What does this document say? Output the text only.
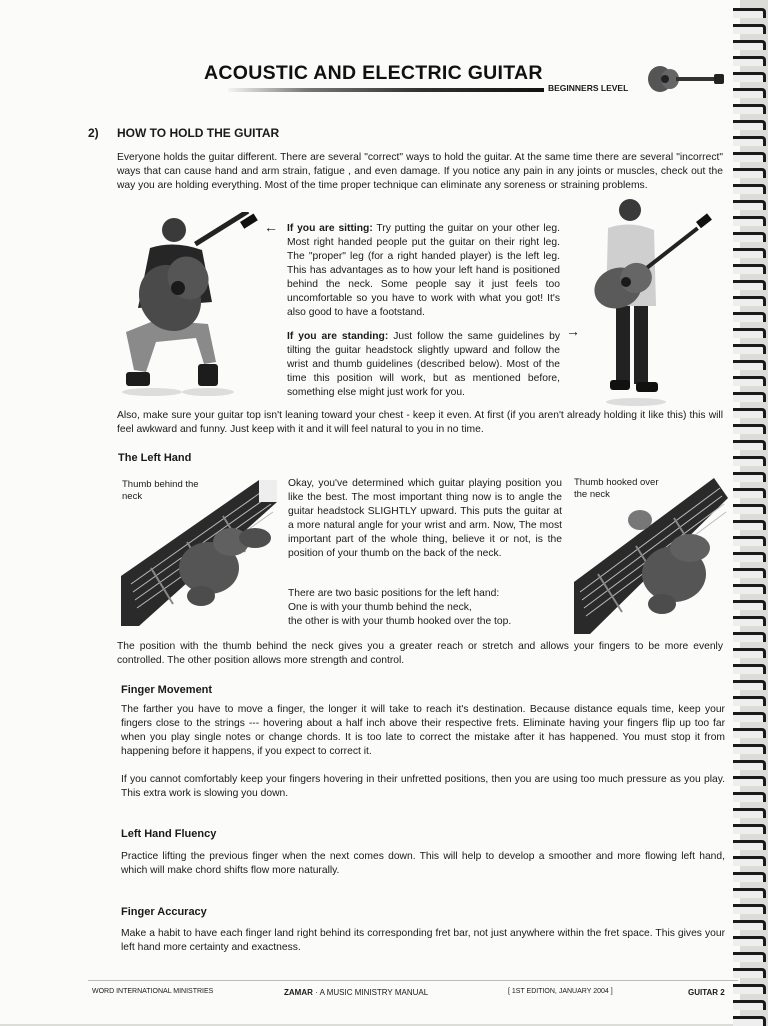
ACOUSTIC AND ELECTRIC GUITAR
BEGINNERS LEVEL
2) HOW TO HOLD THE GUITAR
Everyone holds the guitar different. There are several "correct" ways to hold the guitar. At the same time there are several "incorrect" ways that can cause hand and arm strain, fatigue , and even damage. If you notice any pain in any joints or muscles, check out the way you are holding everything. Most of the time proper technique can eliminate any soreness or straining problems.
← If you are sitting: Try putting the guitar on your other leg. Most right handed people put the guitar on their right leg. The "proper" leg (for a right handed player) is the left leg. This has advantages as to how your left hand is positioned behind the neck. Some people say it just feels too uncomfortable so you have to work with what you got! It's also good to have a footstand.
If you are standing: Just follow the same guidelines by tilting the guitar headstock slightly upward and follow the wrist and thumb guidelines (described below). Most of the time this position will work, but as mentioned before, something else might just work for you.
→
Also, make sure your guitar top isn't leaning toward your chest - keep it even. At first (if you aren't already holding it like this) this will feel awkward and funny. Just keep with it and it will feel natural to you in no time.
The Left Hand
Thumb behind the neck
Okay, you've determined which guitar playing position you like the best. The most important thing now is to angle the guitar headstock SLIGHTLY upward. This puts the guitar at a more natural angle for your wrist and arm. Now, The most important part of the whole thing, believe it or not, is the position of your thumb on the back of the neck.
There are two basic positions for the left hand:
One is with your thumb behind the neck,
the other is with your thumb hooked over the top.
Thumb hooked over the neck
The position with the thumb behind the neck gives you a greater reach or stretch and allows your fingers to be more evenly controlled. The other position allows more strength and control.
Finger Movement
The farther you have to move a finger, the longer it will take to reach it's destination. Because distance equals time, keep your fingers close to the strings --- hovering about a half inch above their respective frets. Eliminate having your fingers flip up too far when you play single notes or change chords. It is too late to correct the mistake after it has happened. You must stop it from happening before it happens, if you expect to correct it.
If you cannot comfortably keep your fingers hovering in their unfretted positions, then you are using too much pressure as you play. This extra work is slowing you down.
Left Hand Fluency
Practice lifting the previous finger when the next comes down. This will help to develop a smoother and more flowing left hand, which will make chord shifts flow more naturally.
Finger Accuracy
Make a habit to have each finger land right behind its corresponding fret bar, not just anywhere within the fret space. This gives your left hand more certainty and exactness.
WORD INTERNATIONAL MINISTRIES	ZAMAR · A MUSIC MINISTRY MANUAL	[ 1ST EDITION, JANUARY 2004 ]	GUITAR 2
